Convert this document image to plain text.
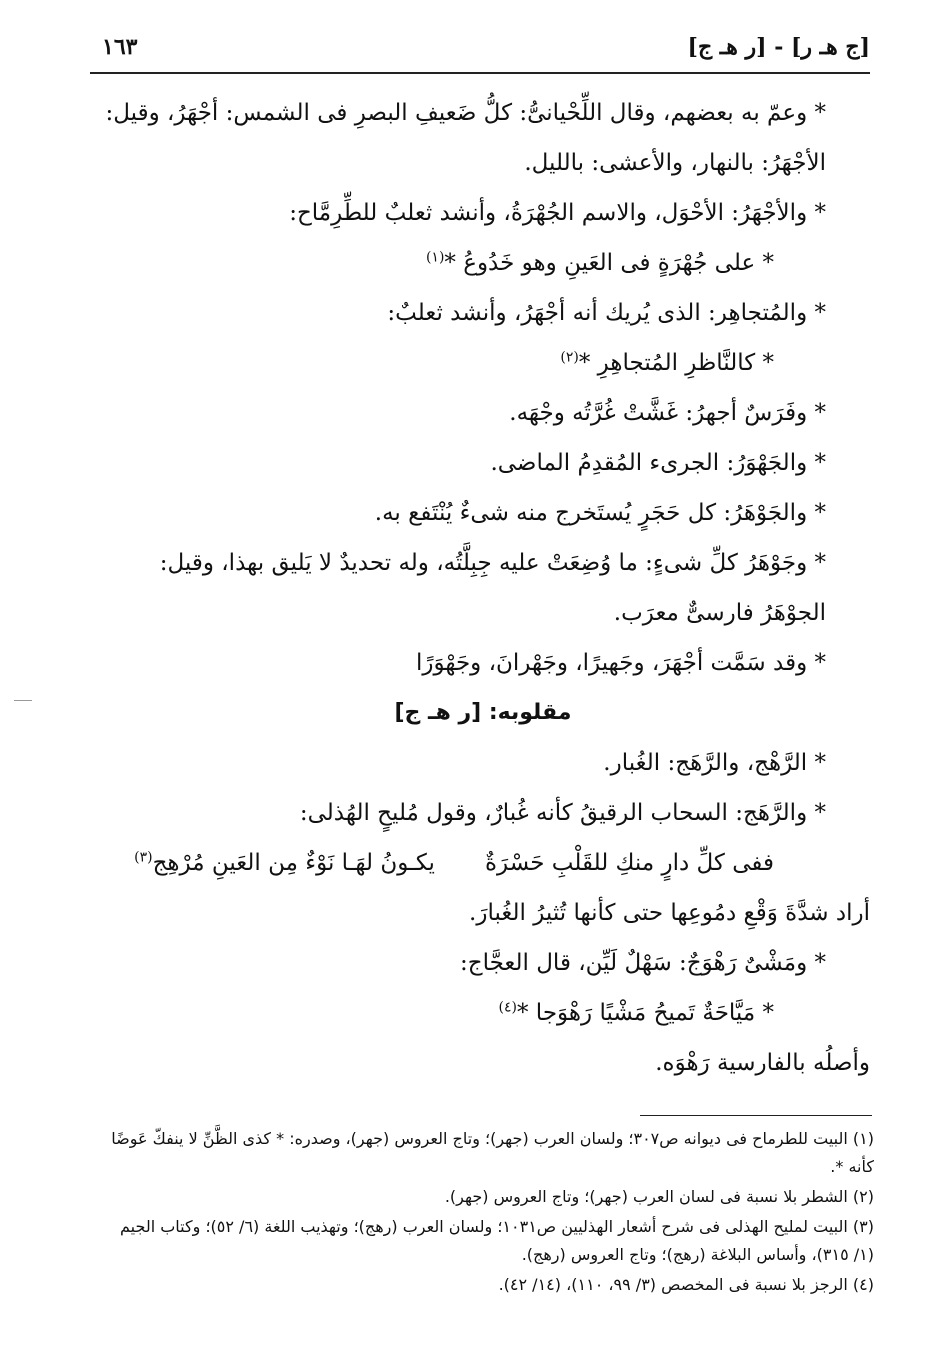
[ج هـ ر] - [ر هـ ج]
١٦٣

* وعمّ به بعضهم، وقال اللِّحْيانىُّ: كلُّ ضَعيفِ البصرِ فى الشمس: أجْهَرُ، وقيل: الأجْهَرُ: بالنهار، والأعشى: بالليل.

* والأجْهَرُ: الأحْوَل، والاسم الجُهْرَةُ، وأنشد ثعلبٌ للطِّرِمَّاح:

* على جُهْرَةٍ فى العَينِ وهو خَدُوعُ *$^{(١)}$

* والمُتجاهِر: الذى يُريك أنه أجْهَرُ، وأنشد ثعلبٌ:

* كالنَّاظرِ المُتجاهِرِ *$^{(٢)}$

* وفَرَسٌ أجهرُ: غَشَّتْ غُرَّتُه وجْهَه.

* والجَهْوَرُ: الجرىء المُقدِمُ الماضى.

* والجَوْهَرُ: كل حَجَرٍ يُستَخرج منه شىءٌ يُنْتَفع به.

* وجَوْهَرُ كلِّ شىءٍ: ما وُضِعَتْ عليه جِبِلَّتُه، وله تحديدٌ لا يَليق بهذا، وقيل: الجوْهَرُ فارسىٌّ معرَب.

* وقد سَمَّت أجْهَرَ، وجَهيرًا، وجَهْرانَ، وجَهْوَرًا

مقلوبه: [ر هـ ج]

* الرَّهْج، والرَّهَج: الغُبار.

* والرَّهَج: السحاب الرقيقُ كأنه غُبارٌ، وقول مُليحٍ الهُذلى:

ففى كلِّ دارٍ منكِ للقَلْبِ حَسْرَةٌ
يكـونُ لهَـا نَوْءٌ مِن العَينِ مُرْهِج$^{(٣)}$

أراد شدَّةَ وَقْعِ دمُوعِها حتى كأنها تُثيرُ الغُبارَ.

* ومَشْىٌ رَهْوَجٌ: سَهْلٌ لَيِّن، قال العجَّاج:

* مَيَّاحَةٌ تَميحُ مَشْيًا رَهْوَجا *$^{(٤)}$

وأصلُه بالفارسية رَهْوَه.

(١) البيت للطرماح فى ديوانه ص٣٠٧؛ ولسان العرب (جهر)؛ وتاج العروس (جهر)، وصدره: * كذى الظَّنِّ لا ينفكّ عَوضًا كأنه *.

(٢) الشطر بلا نسبة فى لسان العرب (جهر)؛ وتاج العروس (جهر).

(٣) البيت لمليح الهذلى فى شرح أشعار الهذليين ص١٠٣١؛ ولسان العرب (رهج)؛ وتهذيب اللغة (٦/ ٥٢)؛ وكتاب الجيم (١/ ٣١٥)، وأساس البلاغة (رهج)؛ وتاج العروس (رهج).

(٤) الرجز بلا نسبة فى المخصص (٣/ ٩٩، ١١٠)، (١٤/ ٤٢).
